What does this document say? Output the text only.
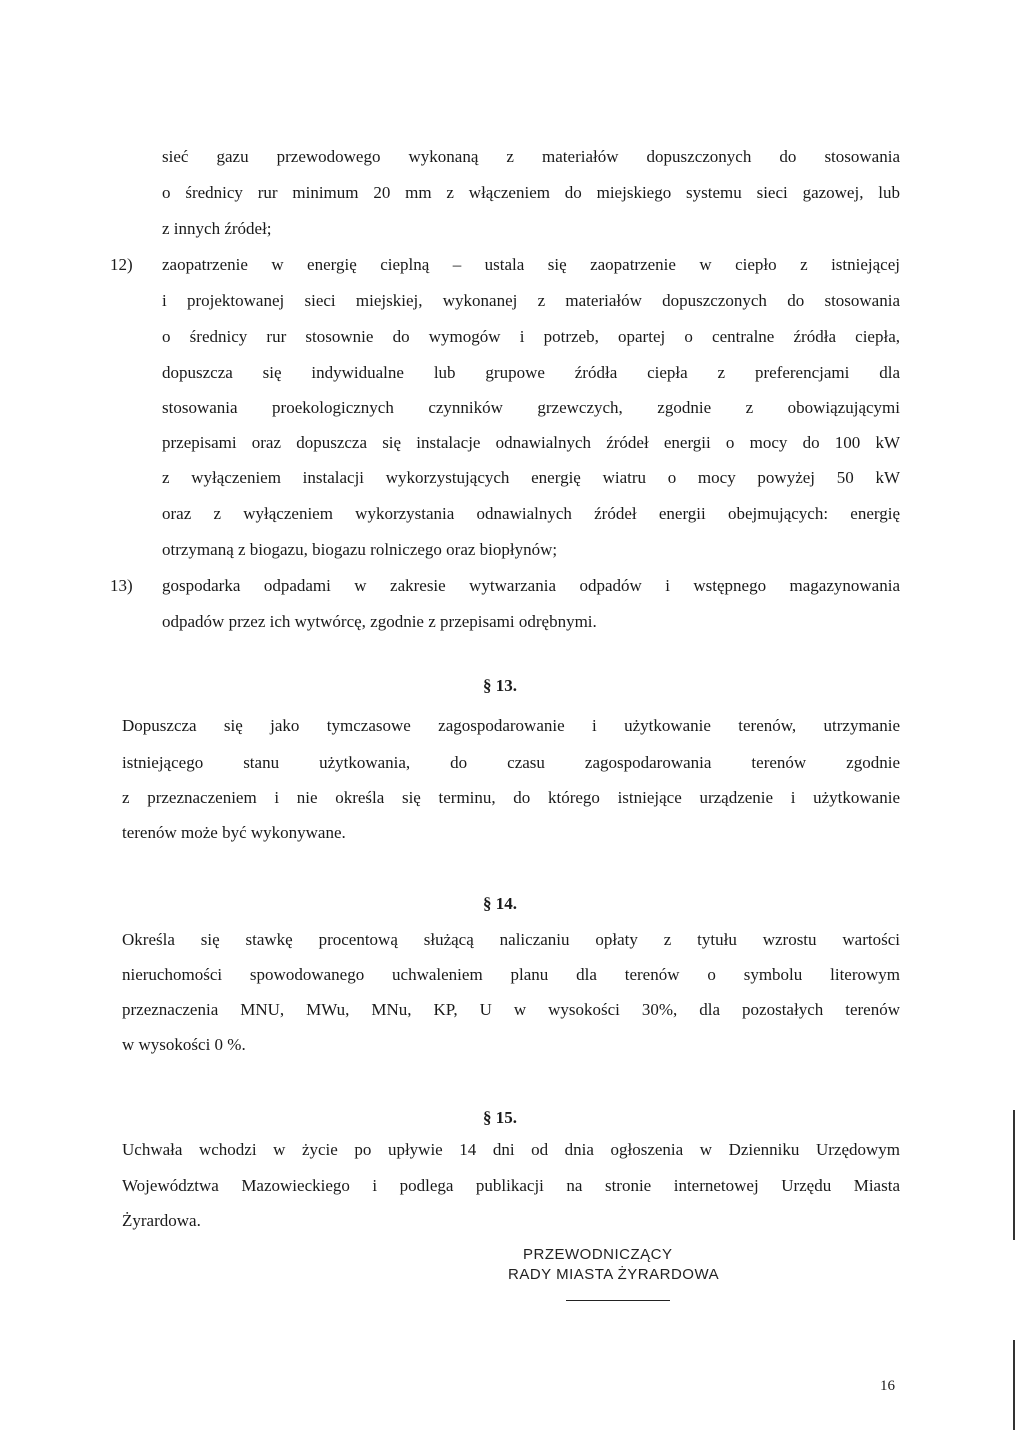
sieć gazu przewodowego wykonaną z materiałów dopuszczonych do stosowania
o średnicy rur minimum 20 mm z włączeniem do miejskiego systemu sieci gazowej, lub
z innych źródeł;
12) zaopatrzenie w energię cieplną – ustala się zaopatrzenie w ciepło z istniejącej
i projektowanej sieci miejskiej, wykonanej z materiałów dopuszczonych do stosowania
o średnicy rur stosownie do wymogów i potrzeb, opartej o centralne źródła ciepła,
dopuszcza się indywidualne lub grupowe źródła ciepła z preferencjami dla
stosowania proekologicznych czynników grzewczych, zgodnie z obowiązującymi
przepisami oraz dopuszcza się instalacje odnawialnych źródeł energii o mocy do 100 kW
z wyłączeniem instalacji wykorzystujących energię wiatru o mocy powyżej 50 kW
oraz z wyłączeniem wykorzystania odnawialnych źródeł energii obejmujących: energię
otrzymaną z biogazu, biogazu rolniczego oraz biopłynów;
13) gospodarka odpadami w zakresie wytwarzania odpadów i wstępnego magazynowania
odpadów przez ich wytwórcę, zgodnie z przepisami odrębnymi.
§ 13.
Dopuszcza się jako tymczasowe zagospodarowanie i użytkowanie terenów, utrzymanie
istniejącego stanu użytkowania, do czasu zagospodarowania terenów zgodnie
z przeznaczeniem i nie określa się terminu, do którego istniejące urządzenie i użytkowanie
terenów może być wykonywane.
§ 14.
Określa się stawkę procentową służącą naliczaniu opłaty z tytułu wzrostu wartości
nieruchomości spowodowanego uchwaleniem planu dla terenów o symbolu literowym
przeznaczenia MNU, MWu, MNu, KP, U w wysokości 30%, dla pozostałych terenów
w wysokości 0 %.
§ 15.
Uchwała wchodzi w życie po upływie 14 dni od dnia ogłoszenia w Dzienniku Urzędowym
Województwa Mazowieckiego i podlega publikacji na stronie internetowej Urzędu Miasta
Żyrardowa.
PRZEWODNICZĄCY
RADY MIASTA ŻYRARDOWA
16
